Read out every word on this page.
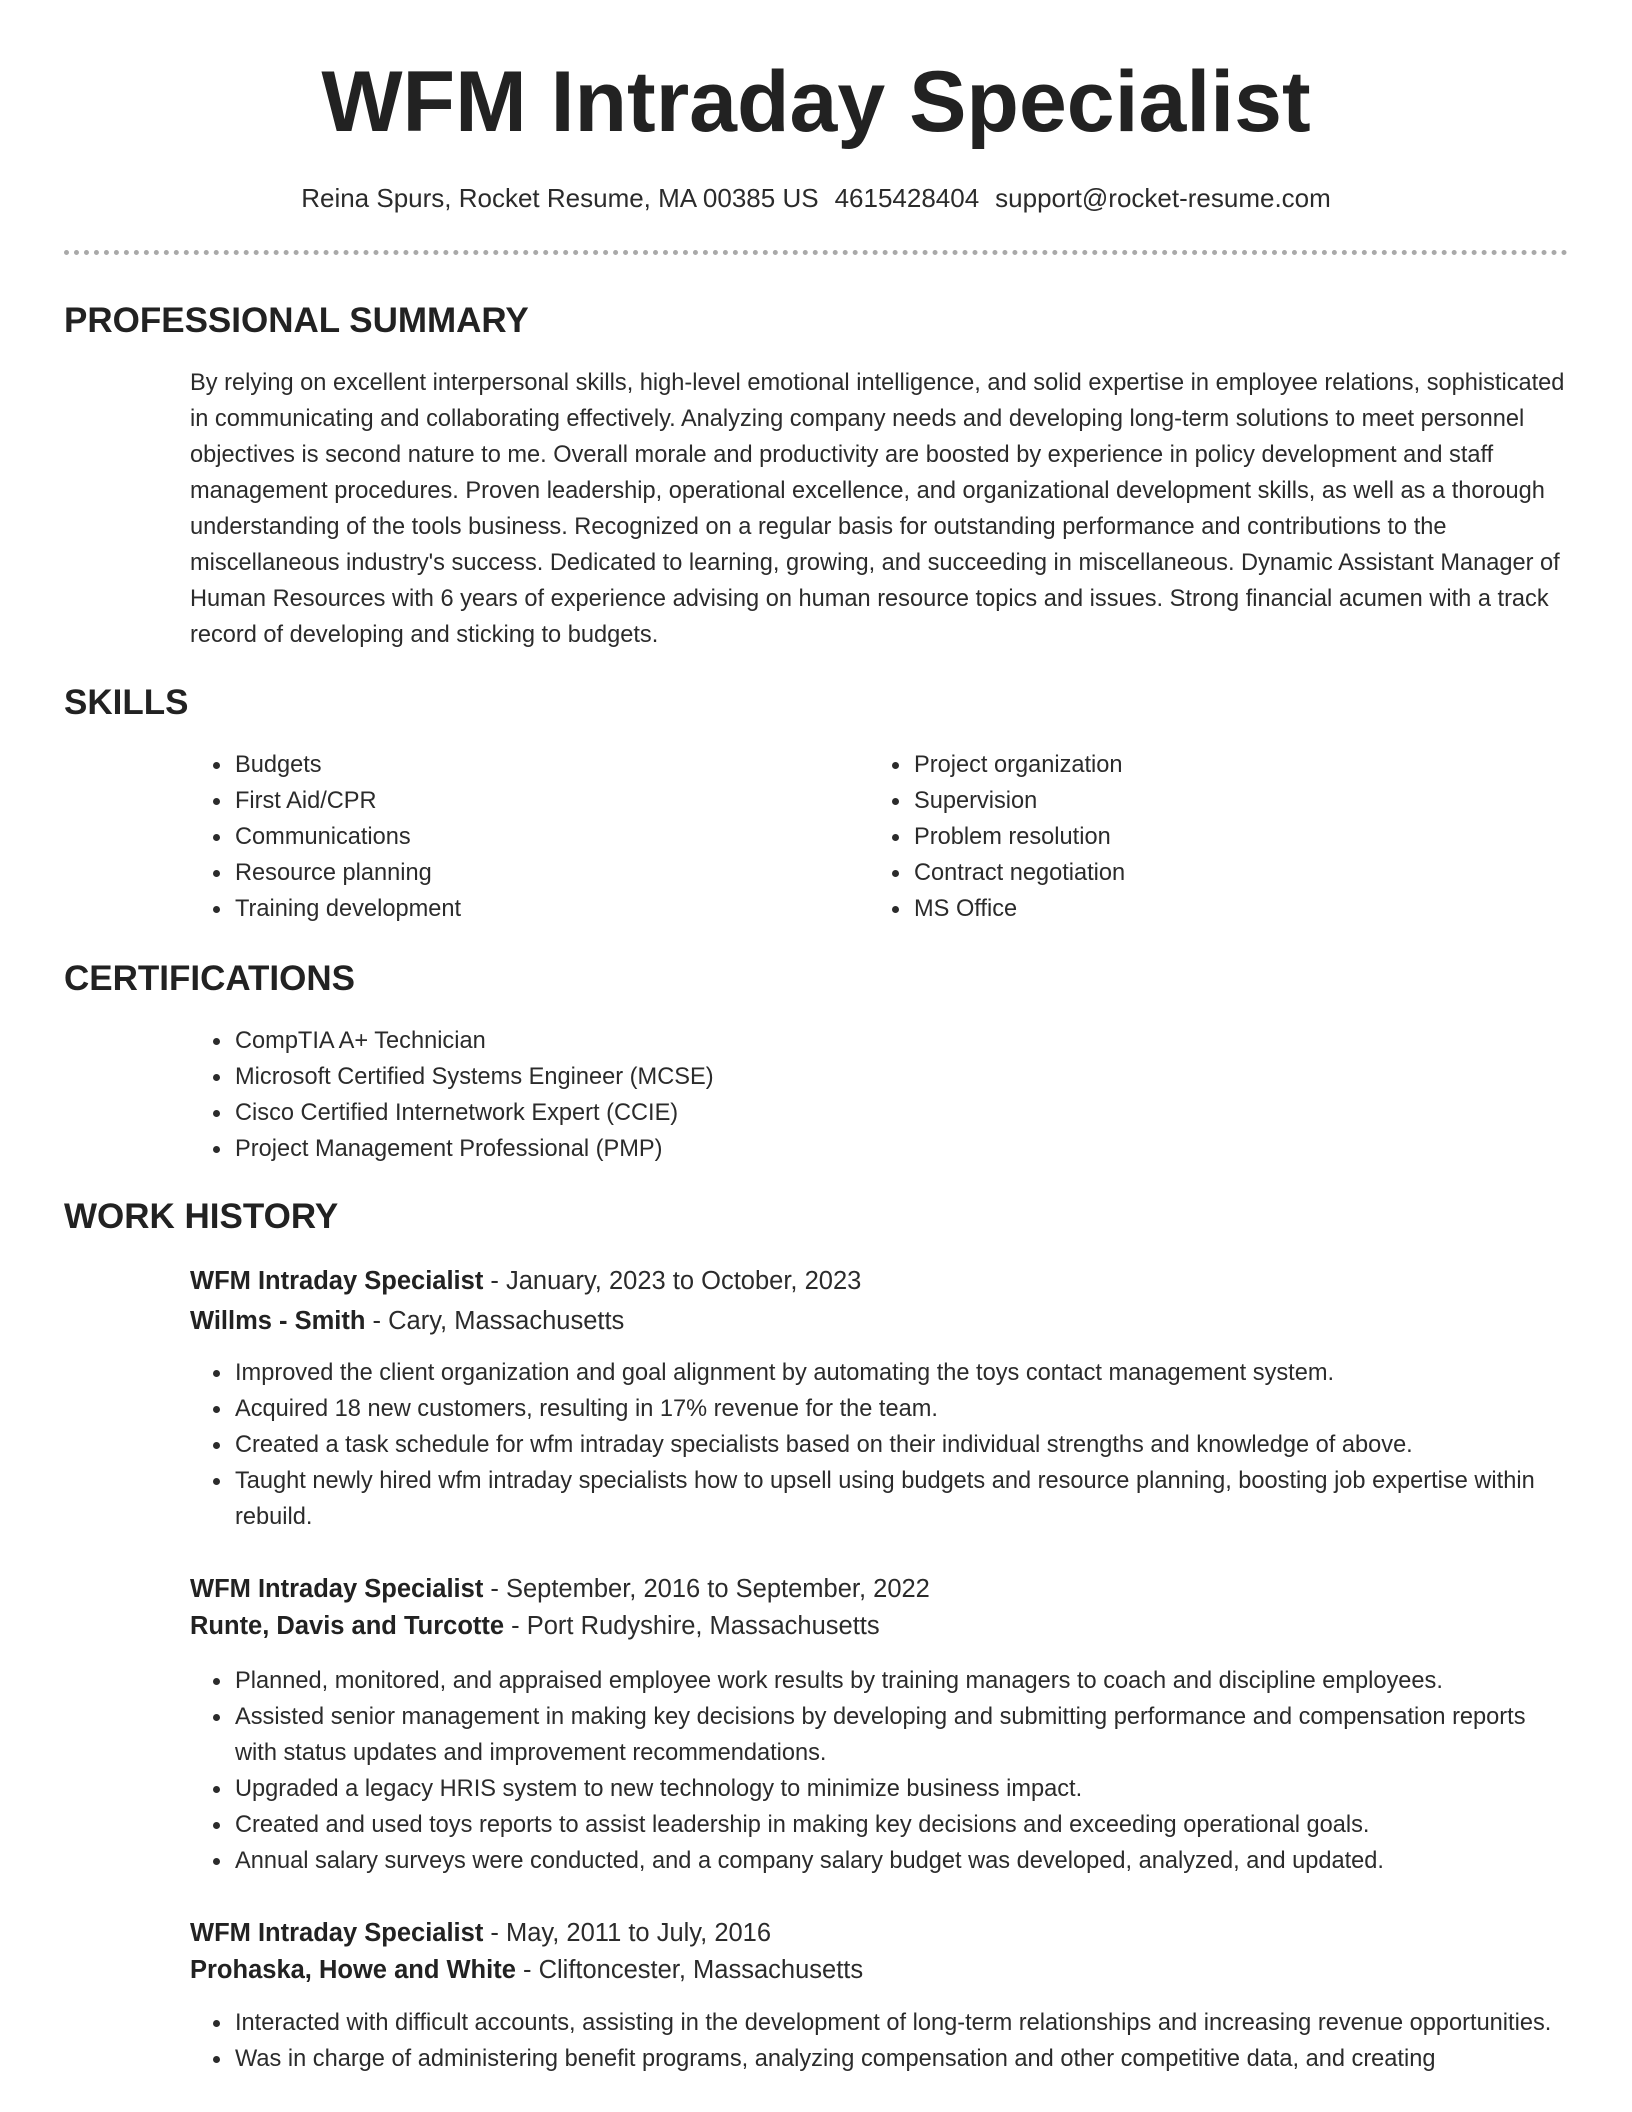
WFM Intraday Specialist
Reina Spurs, Rocket Resume, MA 00385 US 4615428404 support@rocket-resume.com
PROFESSIONAL SUMMARY

By relying on excellent interpersonal skills, high-level emotional intelligence, and solid expertise in employee relations, sophisticated in communicating and collaborating effectively. Analyzing company needs and developing long-term solutions to meet personnel objectives is second nature to me. Overall morale and productivity are boosted by experience in policy development and staff management procedures. Proven leadership, operational excellence, and organizational development skills, as well as a thorough understanding of the tools business. Recognized on a regular basis for outstanding performance and contributions to the miscellaneous industry's success. Dedicated to learning, growing, and succeeding in miscellaneous. Dynamic Assistant Manager of Human Resources with 6 years of experience advising on human resource topics and issues. Strong financial acumen with a track record of developing and sticking to budgets.

SKILLS
• Budgets
• First Aid/CPR
• Communications
• Resource planning
• Training development
• Project organization
• Supervision
• Problem resolution
• Contract negotiation
• MS Office
CERTIFICATIONS
• CompTIA A+ Technician
• Microsoft Certified Systems Engineer (MCSE)
• Cisco Certified Internetwork Expert (CCIE)
• Project Management Professional (PMP)
WORK HISTORY
WFM Intraday Specialist - January, 2023 to October, 2023
Willms - Smith - Cary, Massachusetts
• Improved the client organization and goal alignment by automating the toys contact management system.
• Acquired 18 new customers, resulting in 17% revenue for the team.
• Created a task schedule for wfm intraday specialists based on their individual strengths and knowledge of above.
• Taught newly hired wfm intraday specialists how to upsell using budgets and resource planning, boosting job expertise within rebuild.
WFM Intraday Specialist - September, 2016 to September, 2022
Runte, Davis and Turcotte - Port Rudyshire, Massachusetts
• Planned, monitored, and appraised employee work results by training managers to coach and discipline employees.
• Assisted senior management in making key decisions by developing and submitting performance and compensation reports with status updates and improvement recommendations.
• Upgraded a legacy HRIS system to new technology to minimize business impact.
• Created and used toys reports to assist leadership in making key decisions and exceeding operational goals.
• Annual salary surveys were conducted, and a company salary budget was developed, analyzed, and updated.
WFM Intraday Specialist - May, 2011 to July, 2016
Prohaska, Howe and White - Cliftoncester, Massachusetts
• Interacted with difficult accounts, assisting in the development of long-term relationships and increasing revenue opportunities.
• Was in charge of administering benefit programs, analyzing compensation and other competitive data, and creating
